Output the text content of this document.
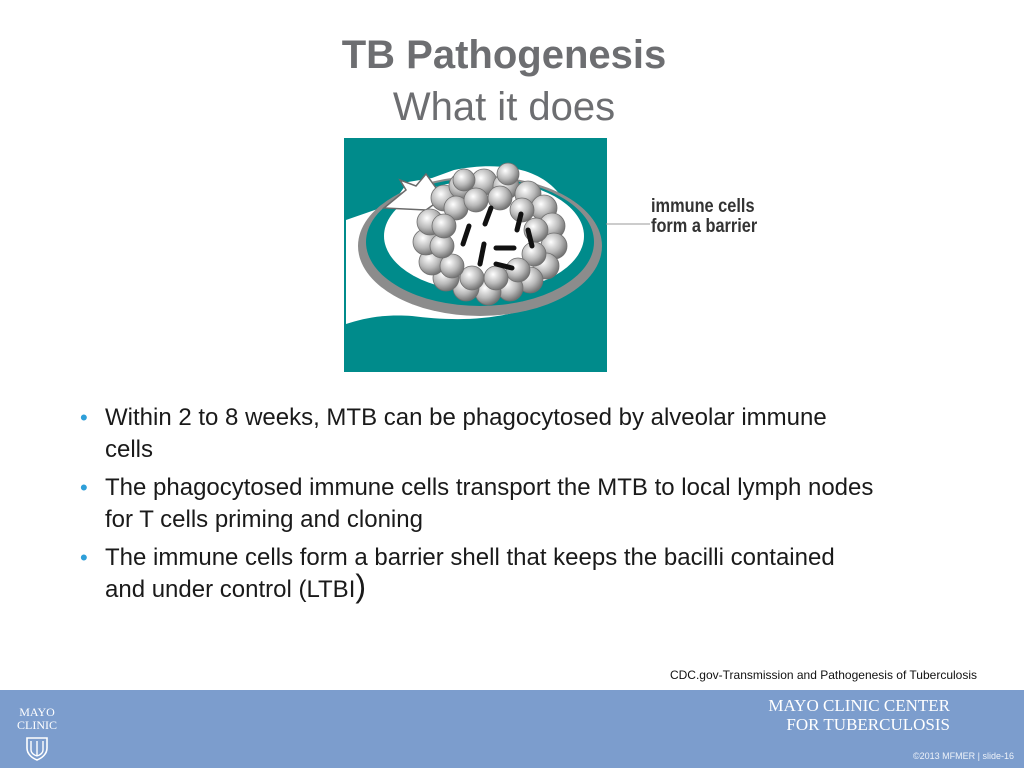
TB Pathogenesis
What it does
immune cells
form a barrier
• Within 2 to 8 weeks, MTB can be phagocytosed by alveolar immune cells
• The phagocytosed immune cells transport the MTB to local lymph nodes for T cells priming and cloning
• The immune cells form a barrier shell that keeps the bacilli contained and under control (LTBI)
CDC.gov-Transmission and Pathogenesis of Tuberculosis
MAYO
CLINIC
MAYO CLINIC CENTER
FOR TUBERCULOSIS
©2013 MFMER | slide-16
